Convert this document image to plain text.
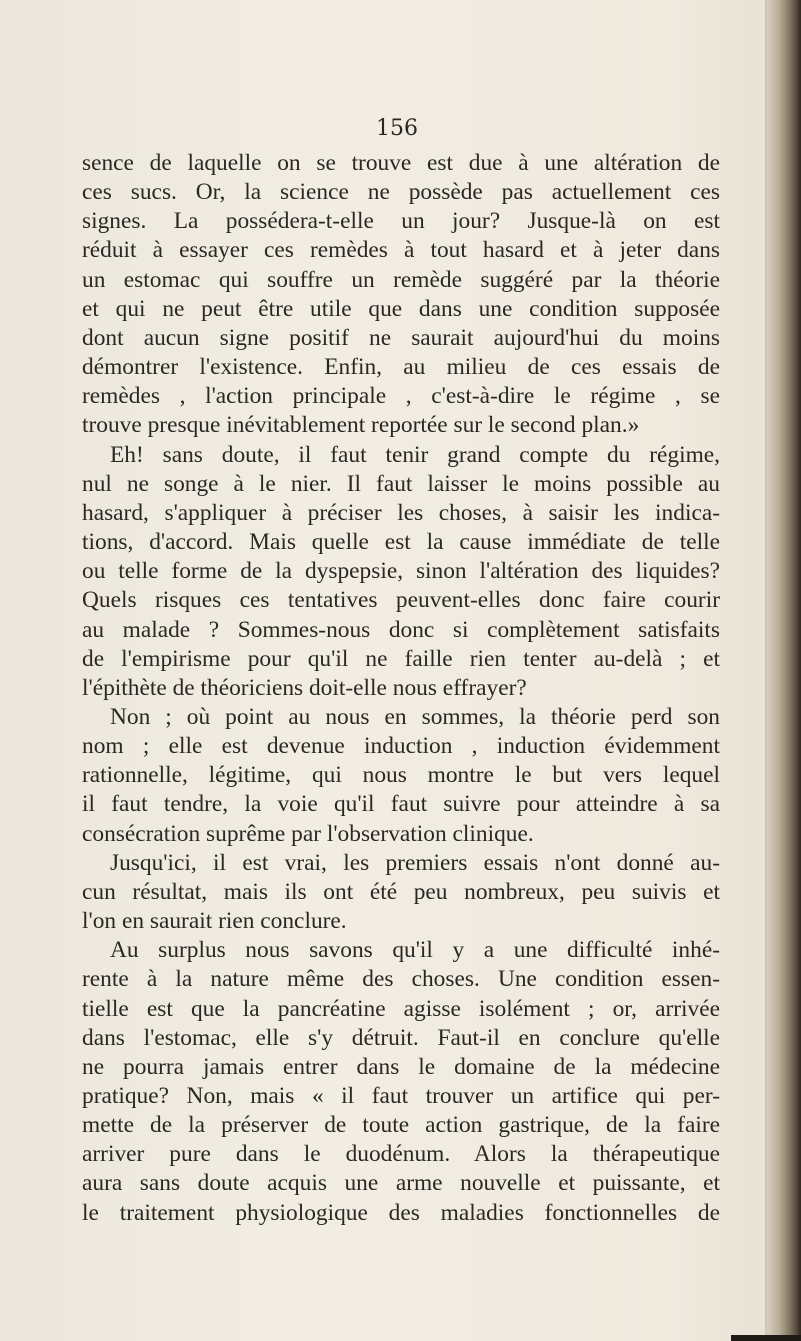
156
sence de laquelle on se trouve est due à une altération de
ces sucs. Or, la science ne possède pas actuellement ces
signes. La possédera-t-elle un jour? Jusque-là on est
réduit à essayer ces remèdes à tout hasard et à jeter dans
un estomac qui souffre un remède suggéré par la théorie
et qui ne peut être utile que dans une condition supposée
dont aucun signe positif ne saurait aujourd'hui du moins
démontrer l'existence. Enfin, au milieu de ces essais de
remèdes , l'action principale , c'est-à-dire le régime , se
trouve presque inévitablement reportée sur le second plan.»
Eh! sans doute, il faut tenir grand compte du régime,
nul ne songe à le nier. Il faut laisser le moins possible au
hasard, s'appliquer à préciser les choses, à saisir les indica-
tions, d'accord. Mais quelle est la cause immédiate de telle
ou telle forme de la dyspepsie, sinon l'altération des liquides?
Quels risques ces tentatives peuvent-elles donc faire courir
au malade ? Sommes-nous donc si complètement satisfaits
de l'empirisme pour qu'il ne faille rien tenter au-delà ; et
l'épithète de théoriciens doit-elle nous effrayer?
Non ; où point au nous en sommes, la théorie perd son
nom ; elle est devenue induction , induction évidemment
rationnelle, légitime, qui nous montre le but vers lequel
il faut tendre, la voie qu'il faut suivre pour atteindre à sa
consécration suprême par l'observation clinique.
Jusqu'ici, il est vrai, les premiers essais n'ont donné au-
cun résultat, mais ils ont été peu nombreux, peu suivis et
l'on en saurait rien conclure.
Au surplus nous savons qu'il y a une difficulté inhé-
rente à la nature même des choses. Une condition essen-
tielle est que la pancréatine agisse isolément ; or, arrivée
dans l'estomac, elle s'y détruit. Faut-il en conclure qu'elle
ne pourra jamais entrer dans le domaine de la médecine
pratique? Non, mais « il faut trouver un artifice qui per-
mette de la préserver de toute action gastrique, de la faire
arriver pure dans le duodénum. Alors la thérapeutique
aura sans doute acquis une arme nouvelle et puissante, et
le traitement physiologique des maladies fonctionnelles de
